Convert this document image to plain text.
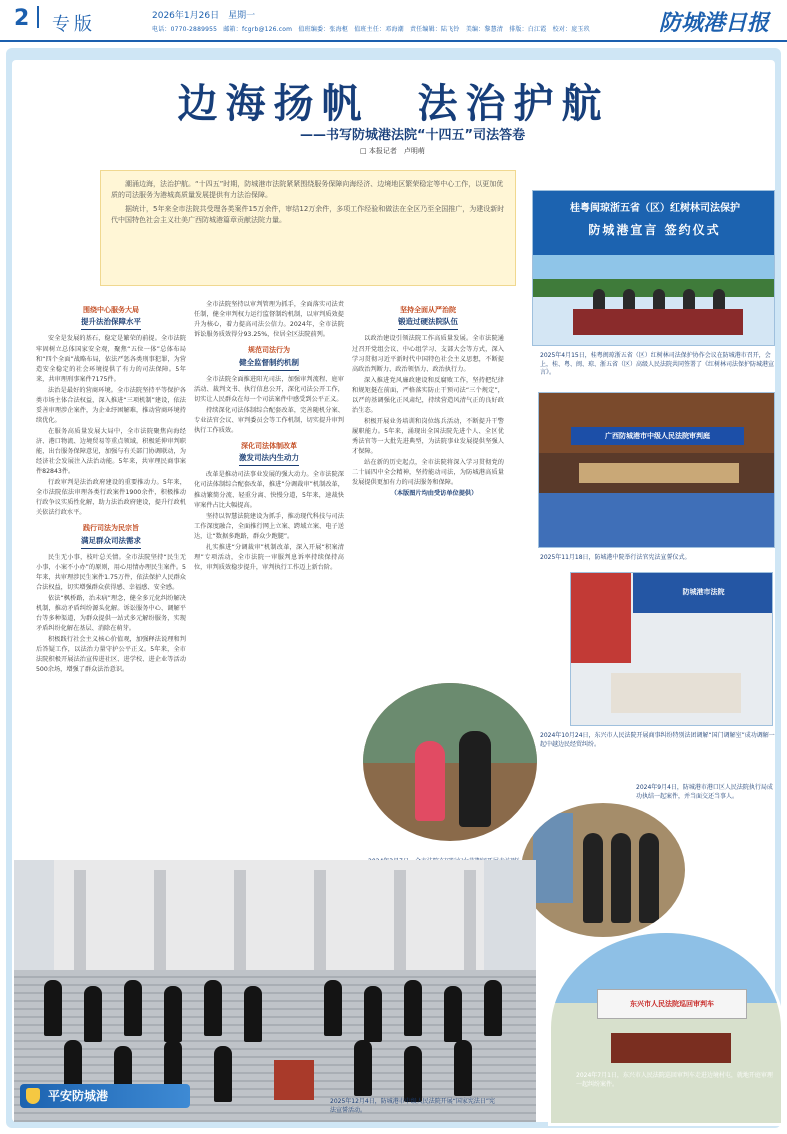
2	专版	2026年1月26日　星期一
电话：0770-2889955　邮箱：fcgrb@126.com　值班编委：张海枢　值班主任：邓海潮　责任编辑：陆飞铃　美编：黎慧清　排版：白江霞　校对：庞玉玖	防城港日报
边海扬帆　法治护航
——书写防城港法院“十四五”司法答卷
□ 本报记者　卢明萌

潮涌边海，法治护航。“十四五”时期，防城港市法院紧紧围绕服务保障向海经济、边境地区繁荣稳定等中心工作，以更加优质的司法服务为港城高质量发展提供有力法治保障。

据统计，5年来全市法院共受理各类案件15万余件，审结12万余件，多项工作经验和做法在全区乃至全国推广，为建设新时代中国特色社会主义壮美广西防城港篇章贡献法院力量。

围绕中心服务大局
提升法治保障水平

安全是发展的基石，稳定是繁荣的前提。全市法院牢固树立总体国家安全观，聚焦“五位一体”总体布局和“四个全面”战略布局，依法严惩各类刑事犯罪，为营造安全稳定的社会环境提供了有力的司法保障。5年来，共审理刑事案件7175件。

法治是最好的营商环境。全市法院坚持平等保护各类市场主体合法权益，深入推进“三项机制”建设，依法妥善审理涉企案件，为企业纾困解难，推动营商环境持续优化。

在服务高质量发展大局中，全市法院聚焦向海经济、港口物流、边境贸易等重点领域，积极延伸审判职能，出台服务保障意见，加强与有关部门协调联动，为经济社会发展注入法治动能。5年来，共审理民商事案件82843件。

行政审判是法治政府建设的重要推动力。5年来，全市法院依法审理各类行政案件1900余件，积极推动行政争议实质性化解，助力法治政府建设，提升行政机关依法行政水平。

践行司法为民宗旨
满足群众司法需求

民生无小事，枝叶总关情。全市法院坚持“民生无小事，小案不小办”的原则，用心用情办理民生案件。5年来，共审理涉民生案件1.75万件，依法保护人民群众合法权益，切实增强群众获得感、幸福感、安全感。

依法“枫桥路，治未病”理念，健全多元化纠纷解决机制，推动矛盾纠纷源头化解。诉讼服务中心、调解平台等多种渠道，为群众提供一站式多元解纷服务，实现矛盾纠纷化解在基层、消除在萌芽。

积极践行社会主义核心价值观，加强释法说理和判后答疑工作，以法治力量守护公平正义。5年来，全市法院积极开展法治宣传进社区、进学校、进企业等活动500余场，增强了群众法治意识。

全市法院坚持以审判管理为抓手，全面落实司法责任制，健全审判权力运行监督制约机制，以审判质效提升为核心，着力提高司法公信力。2024年，全市法院诉讼服务质效得分93.25%，位居全区法院前列。

规范司法行为
健全监督制约机制

全市法院全面推进阳光司法，加强审判流程、庭审活动、裁判文书、执行信息公开，深化司法公开工作，切实让人民群众在每一个司法案件中感受到公平正义。

持续深化司法体制综合配套改革，完善随机分案、专业法官会议、审判委员会等工作机制，切实提升审判执行工作质效。

深化司法体制改革
激发司法内生动力

改革是推动司法事业发展的强大动力。全市法院深化司法体制综合配套改革，推进“分调裁审”机制改革，推动繁简分流、轻重分离、快慢分道，5年来，速裁快审案件占比大幅提高。

坚持以智慧法院建设为抓手，推动现代科技与司法工作深度融合，全面推行网上立案、跨域立案、电子送达，让“数据多跑路，群众少跑腿”。

扎实推进“分调裁审”机制改革，深入开展“积案清理”专项活动，全市法院一审服判息诉率持续保持高位，审判质效稳步提升，审判执行工作迈上新台阶。

坚持全面从严治院
锻造过硬法院队伍

以政治建设引领法院工作高质量发展。全市法院通过召开党组会议、中心组学习、支部大会等方式，深入学习贯彻习近平新时代中国特色社会主义思想，不断提高政治判断力、政治领悟力、政治执行力。

深入推进党风廉政建设和反腐败工作，坚持把纪律和规矩挺在前面，严格落实防止干预司法“三个规定”，以严的基调强化正风肃纪，持续营造风清气正的良好政治生态。

积极开展业务培训和岗位练兵活动，不断提升干警履职能力。5年来，涌现出全国法院先进个人、全区优秀法官等一大批先进典型，为法院事业发展提供坚强人才保障。

站在新的历史起点，全市法院将深入学习贯彻党的二十届四中全会精神，坚持能动司法，为防城港高质量发展提供更加有力的司法服务和保障。

（本版图片均由受访单位提供）

桂粤闽琼浙五省（区）红树林司法保护
防城港宣言 签约仪式
2025年4月15日，桂粤闽琼浙五省（区）红树林司法保护协作会议在防城港市召开，会上，桂、粤、闽、琼、浙五省（区）高级人民法院共同签署了《红树林司法保护防城港宣言》。
广西防城港市中级人民法院审判庭
2025年11月18日，防城港中院举行法官宪法宣誓仪式。
防城港市法院
2024年10月24日，东兴市人民法院开展商事纠纷特别法团调解“国门调解室”成功调解一起中越边民经贸纠纷。
2024年9月4日，防城港市港口区人民法院执行局成功执结一起案件，并当面交还当事人。
东兴市人民法院巡回审判车
2024年7月1日，东兴市人民法院巡回审判车走进边境村屯，就地开庭审理一起纠纷案件。
2025年12月4日，防城港市中级人民法院开展“国家宪法日”宪法宣誓活动。
平安防城港
